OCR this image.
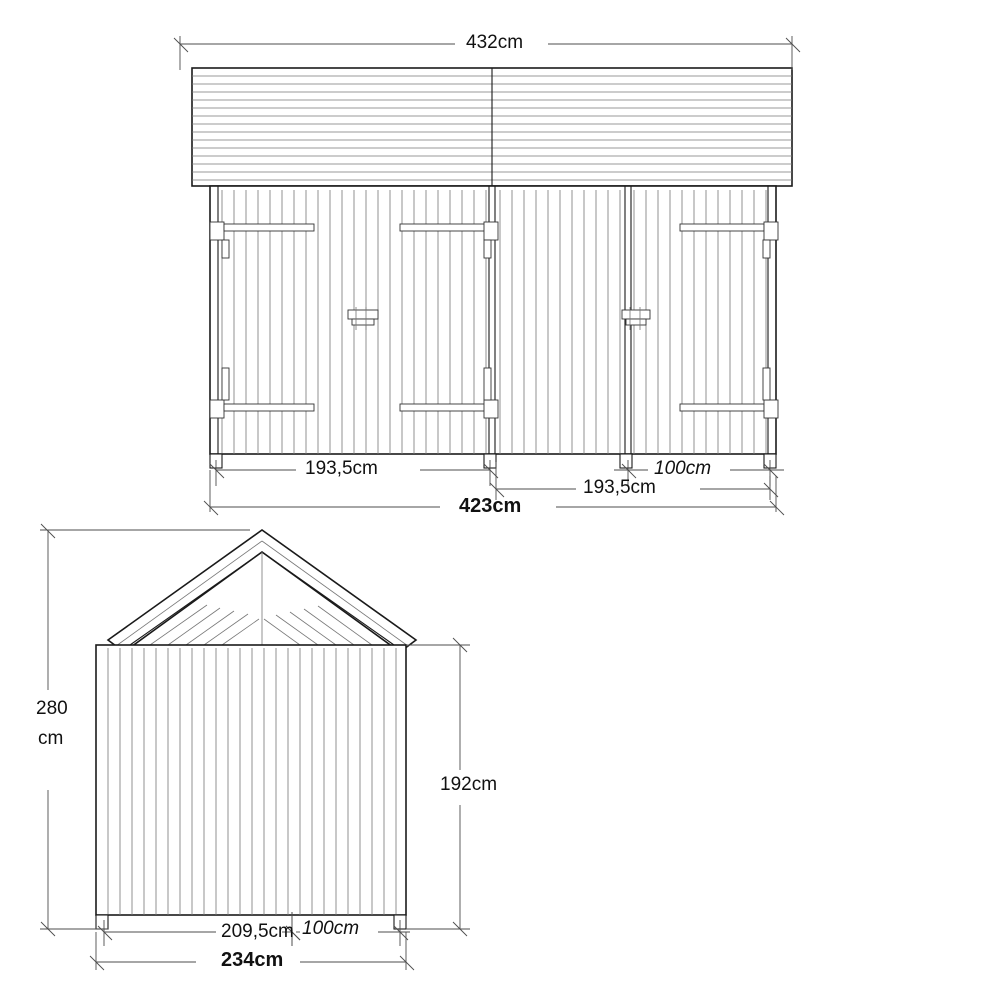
432cm
193,5cm	100cm
193,5cm
423cm
280
cm
192cm
209,5cm 100cm
234cm
